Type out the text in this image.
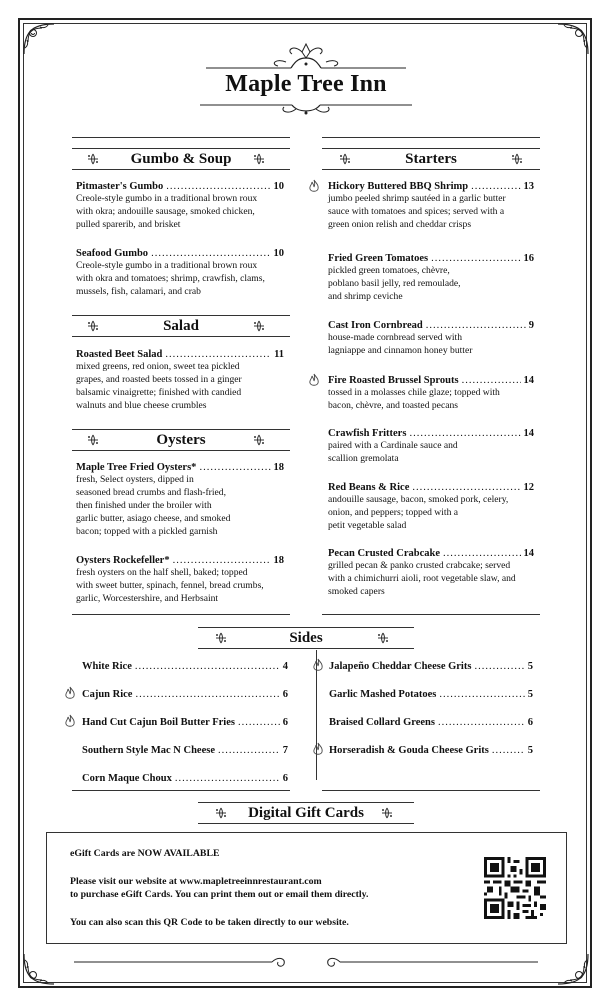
Maple Tree Inn
Gumbo & Soup
Pitmaster's Gumbo .....	10
Creole-style gumbo in a traditional brown roux
with okra; andouille sausage, smoked chicken,
pulled sparerib, and brisket
Seafood Gumbo .....	10
Creole-style gumbo in a traditional brown roux
with okra and tomatoes; shrimp, crawfish, clams,
mussels, fish, calamari, and crab
Salad
Roasted Beet Salad .....	11
mixed greens, red onion, sweet tea pickled
grapes, and roasted beets tossed in a ginger
balsamic vinaigrette; finished with candied
walnuts and blue cheese crumbles
Oysters
Maple Tree Fried Oysters* .....	18
fresh, Select oysters, dipped in
seasoned bread crumbs and flash-fried,
then finished under the broiler with
garlic butter, asiago cheese, and smoked
bacon; topped with a pickled garnish
Oysters Rockefeller* .....	18
fresh oysters on the half shell, baked; topped
with sweet butter, spinach, fennel, bread crumbs,
garlic, Worcestershire, and Herbsaint
Starters
Hickory Buttered BBQ Shrimp .....	13
jumbo peeled shrimp sautéed in a garlic butter
sauce with tomatoes and spices; served with a
green onion relish and cheddar crisps
Fried Green Tomatoes .....	16
pickled green tomatoes, chèvre,
poblano basil jelly, red remoulade,
and shrimp ceviche
Cast Iron Cornbread .....	9
house-made cornbread served with
lagniappe and cinnamon honey butter
Fire Roasted Brussel Sprouts .....	14
tossed in a molasses chile glaze; topped with
bacon, chèvre, and toasted pecans
Crawfish Fritters .....	14
paired with a Cardinale sauce and
scallion gremolata
Red Beans & Rice .....	12
andouille sausage, bacon, smoked pork, celery,
onion, and peppers; topped with a
petit vegetable salad
Pecan Crusted Crabcake .....	14
grilled pecan & panko crusted crabcake; served
with a chimichurri aioli, root vegetable slaw, and
smoked capers
Sides
White Rice .....	4
Cajun Rice .....	6
Hand Cut Cajun Boil Butter Fries .....	6
Southern Style Mac N Cheese .....	7
Corn Maque Choux .....	6
Jalapeño Cheddar Cheese Grits .....	5
Garlic Mashed Potatoes .....	5
Braised Collard Greens .....	6
Horseradish & Gouda Cheese Grits .....	5
Digital Gift Cards
eGift Cards are NOW AVAILABLE
Please visit our website at www.mapletreeinnrestaurant.com
to purchase eGift Cards. You can print them out or email them directly.
You can also scan this QR Code to be taken directly to our website.
